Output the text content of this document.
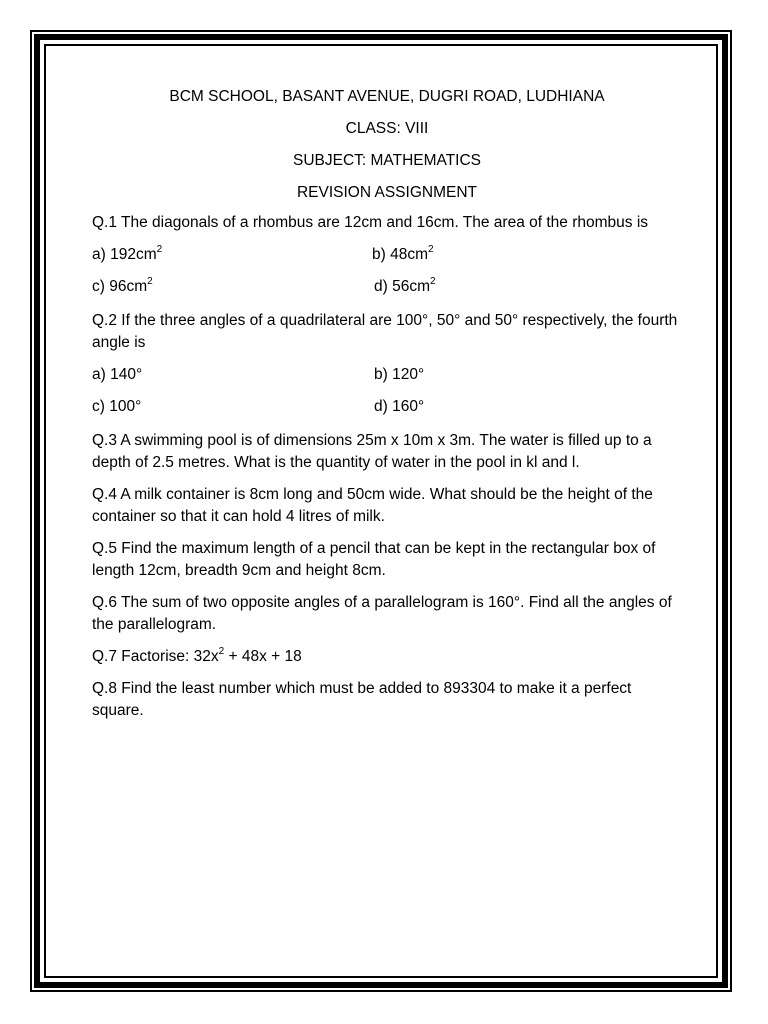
BCM SCHOOL, BASANT AVENUE, DUGRI ROAD, LUDHIANA
CLASS: VIII
SUBJECT: MATHEMATICS
REVISION ASSIGNMENT
Q.1 The diagonals of a rhombus are 12cm and 16cm. The area of the rhombus is
a) $192cm^2$	b) $48cm^2$
c) $96cm^2$	d) $56cm^2$
Q.2 If the three angles of a quadrilateral are 100°, 50° and 50° respectively, the fourth angle is
a) 140°	b) 120°
c) 100°	d) 160°
Q.3 A swimming pool is of dimensions 25m x 10m x 3m. The water is filled up to a depth of 2.5 metres. What is the quantity of water in the pool in kl and l.
Q.4 A milk container is 8cm long and 50cm wide. What should be the height of the container so that it can hold 4 litres of milk.
Q.5 Find the maximum length of a pencil that can be kept in the rectangular box of length 12cm, breadth 9cm and height 8cm.
Q.6 The sum of two opposite angles of a parallelogram is 160°. Find all the angles of the parallelogram.
Q.7 Factorise: $32x^2 + 48x + 18$
Q.8 Find the least number which must be added to 893304 to make it a perfect square.
